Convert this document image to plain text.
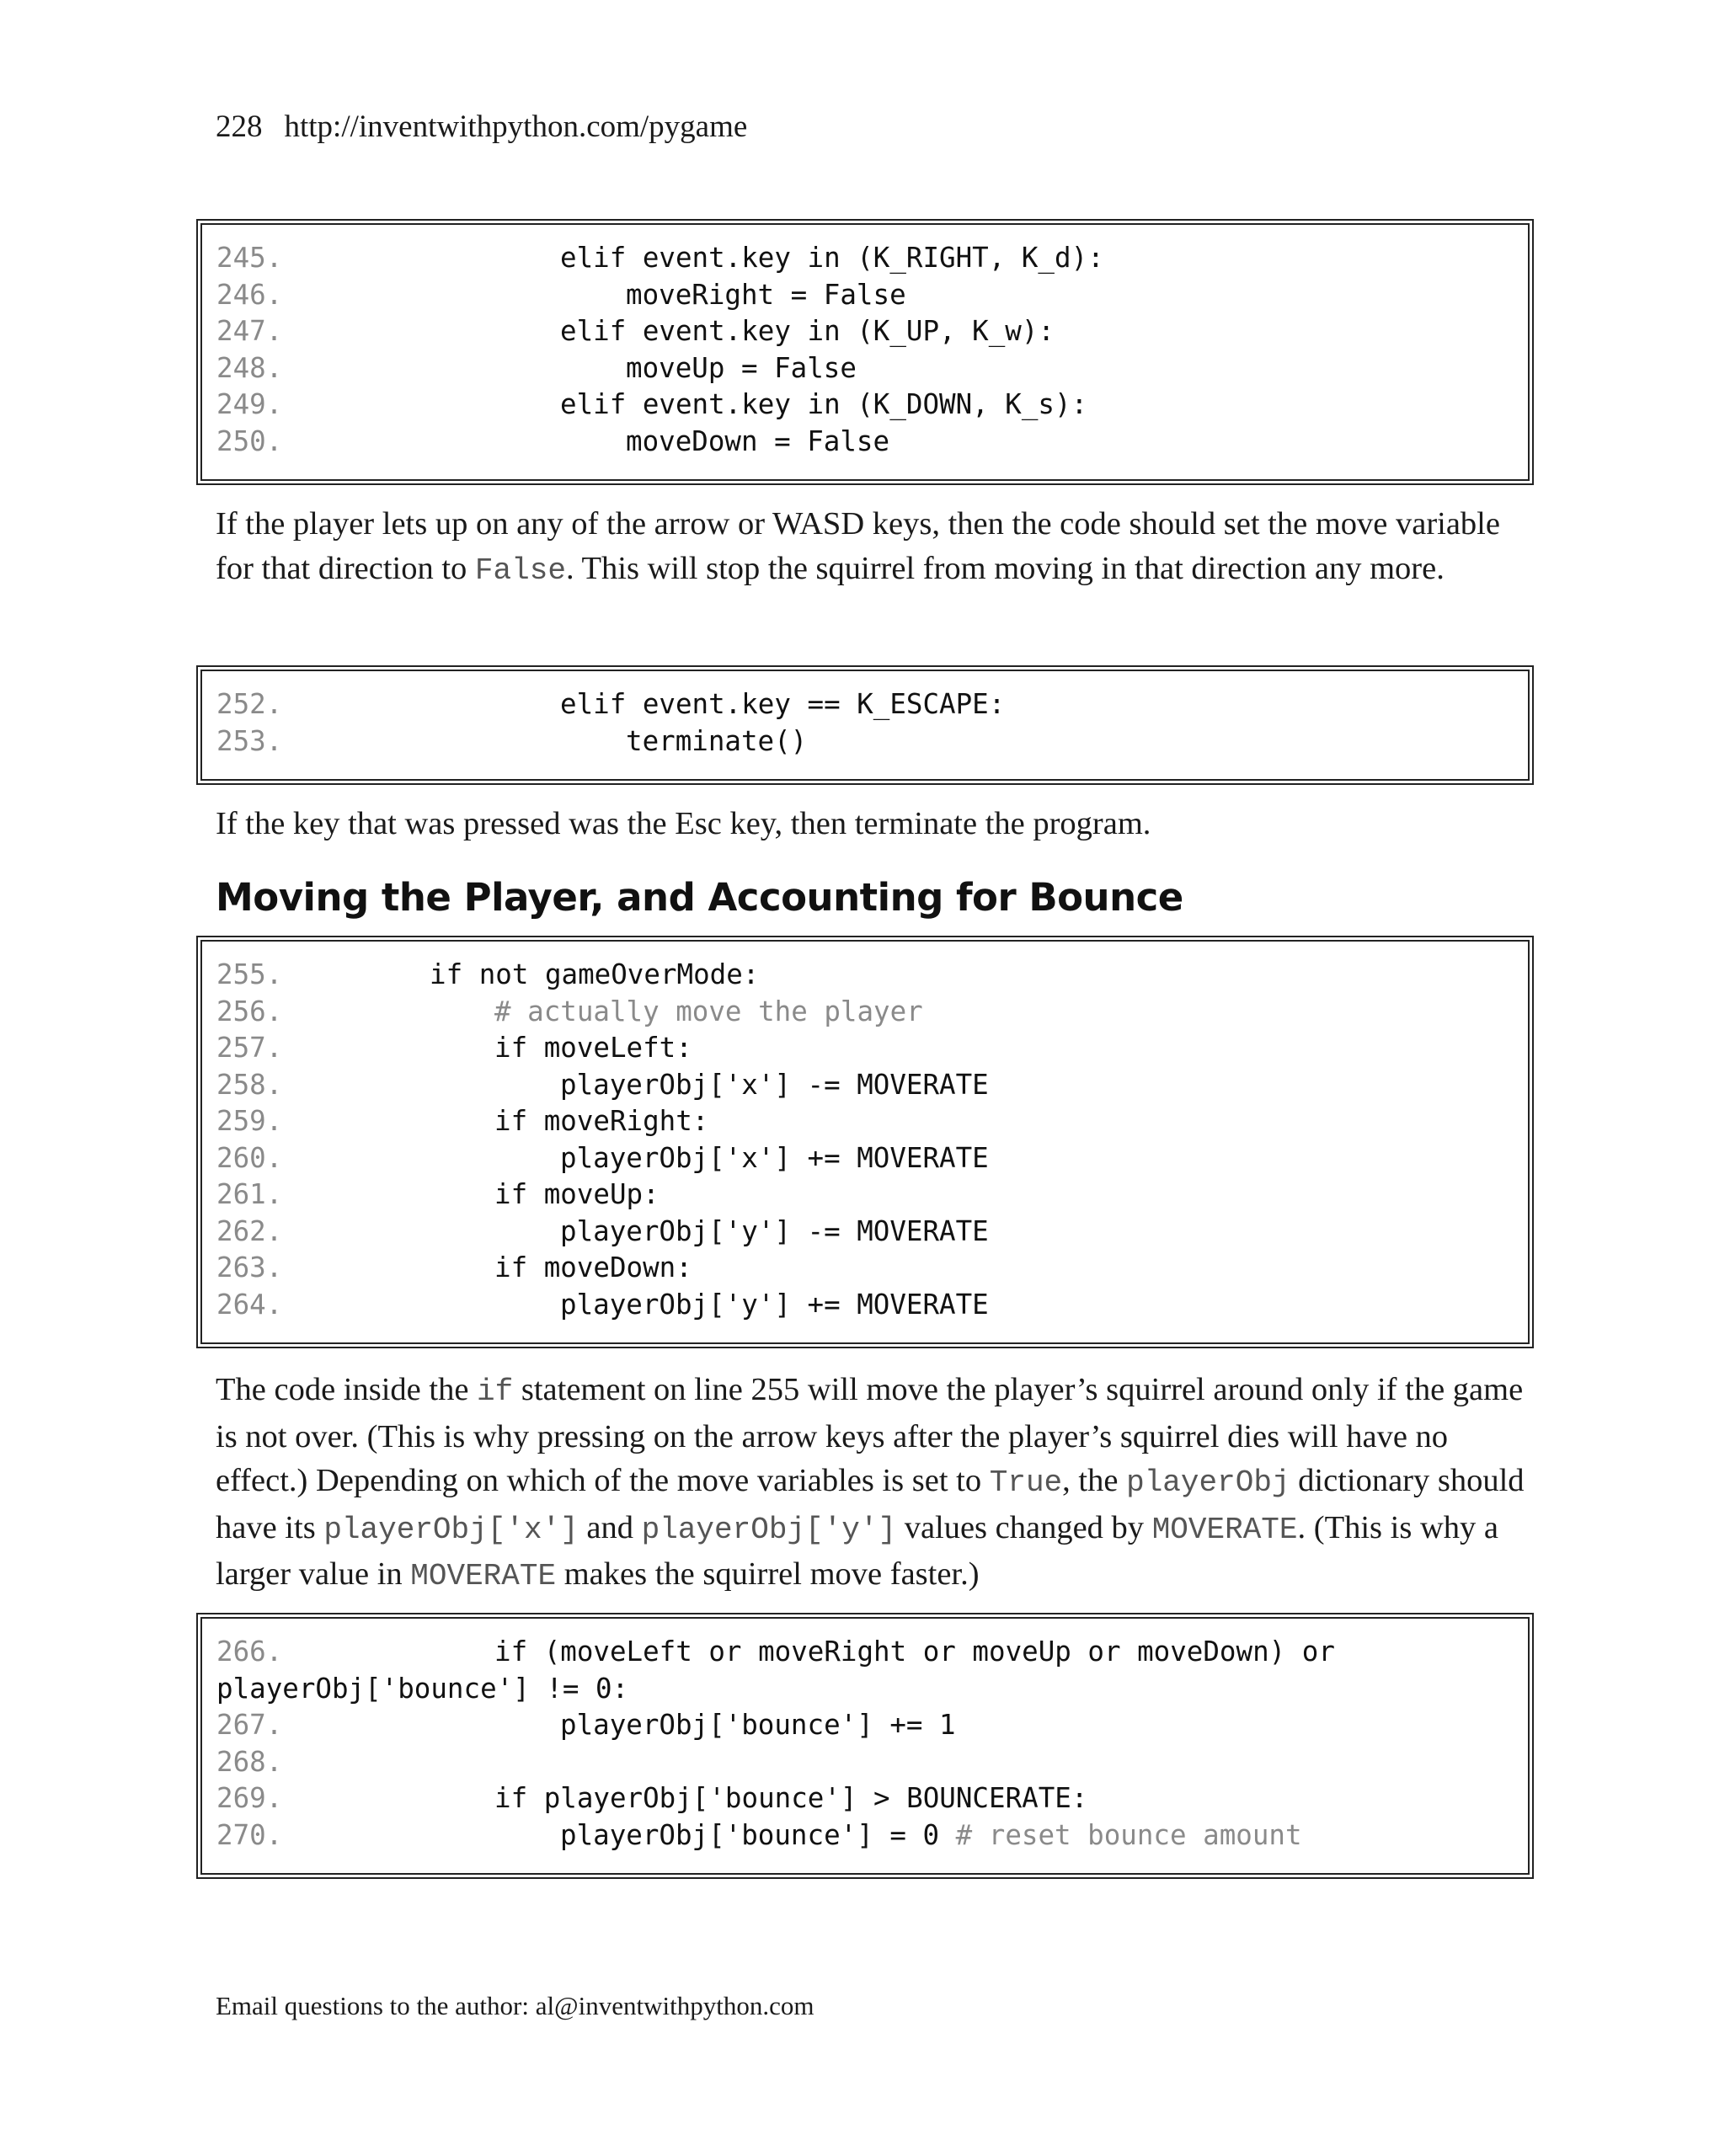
228 http://inventwithpython.com/pygame
245.	elif event.key in (K_RIGHT, K_d):
246.	moveRight = False
247.	elif event.key in (K_UP, K_w):
248.	moveUp = False
249.	elif event.key in (K_DOWN, K_s):
250.	moveDown = False
If the player lets up on any of the arrow or WASD keys, then the code should set the move variable for that direction to False. This will stop the squirrel from moving in that direction any more.
252.	elif event.key == K_ESCAPE:
253.	terminate()
If the key that was pressed was the Esc key, then terminate the program.
Moving the Player, and Accounting for Bounce
255.	if not gameOverMode:
256.	# actually move the player
257.	if moveLeft:
258.	playerObj['x'] -= MOVERATE
259.	if moveRight:
260.	playerObj['x'] += MOVERATE
261.	if moveUp:
262.	playerObj['y'] -= MOVERATE
263.	if moveDown:
264.	playerObj['y'] += MOVERATE
The code inside the if statement on line 255 will move the player’s squirrel around only if the game is not over. (This is why pressing on the arrow keys after the player’s squirrel dies will have no effect.) Depending on which of the move variables is set to True, the playerObj dictionary should have its playerObj['x'] and playerObj['y'] values changed by MOVERATE. (This is why a larger value in MOVERATE makes the squirrel move faster.)
266.	if (moveLeft or moveRight or moveUp or moveDown) or
playerObj['bounce'] != 0:
267.	playerObj['bounce'] += 1
268.
269.	if playerObj['bounce'] > BOUNCERATE:
270.	playerObj['bounce'] = 0 # reset bounce amount
Email questions to the author: al@inventwithpython.com
